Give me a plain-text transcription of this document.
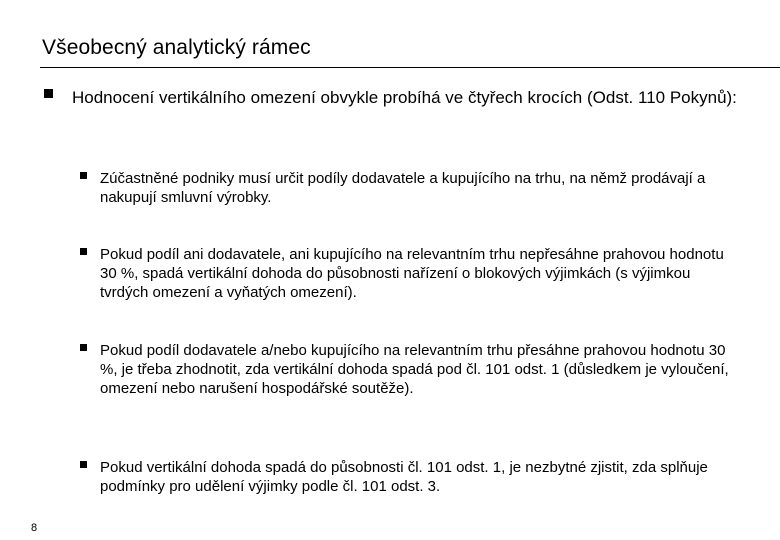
Všeobecný analytický rámec
Hodnocení vertikálního omezení obvykle probíhá ve čtyřech krocích (Odst. 110 Pokynů):
Zúčastněné podniky musí určit podíly dodavatele a kupujícího na trhu, na němž prodávají a nakupují smluvní výrobky.
Pokud podíl ani dodavatele, ani kupujícího na relevantním trhu nepřesáhne prahovou hodnotu 30 %, spadá vertikální dohoda do působnosti nařízení o blokových výjimkách (s výjimkou tvrdých omezení a vyňatých omezení).
Pokud podíl dodavatele a/nebo kupujícího na relevantním trhu přesáhne prahovou hodnotu 30 %, je třeba zhodnotit, zda vertikální dohoda spadá pod čl. 101 odst. 1 (důsledkem je vyloučení, omezení nebo narušení hospodářské soutěže).
Pokud vertikální dohoda spadá do působnosti čl. 101 odst. 1, je nezbytné zjistit, zda splňuje podmínky pro udělení výjimky podle čl. 101 odst. 3.
8
